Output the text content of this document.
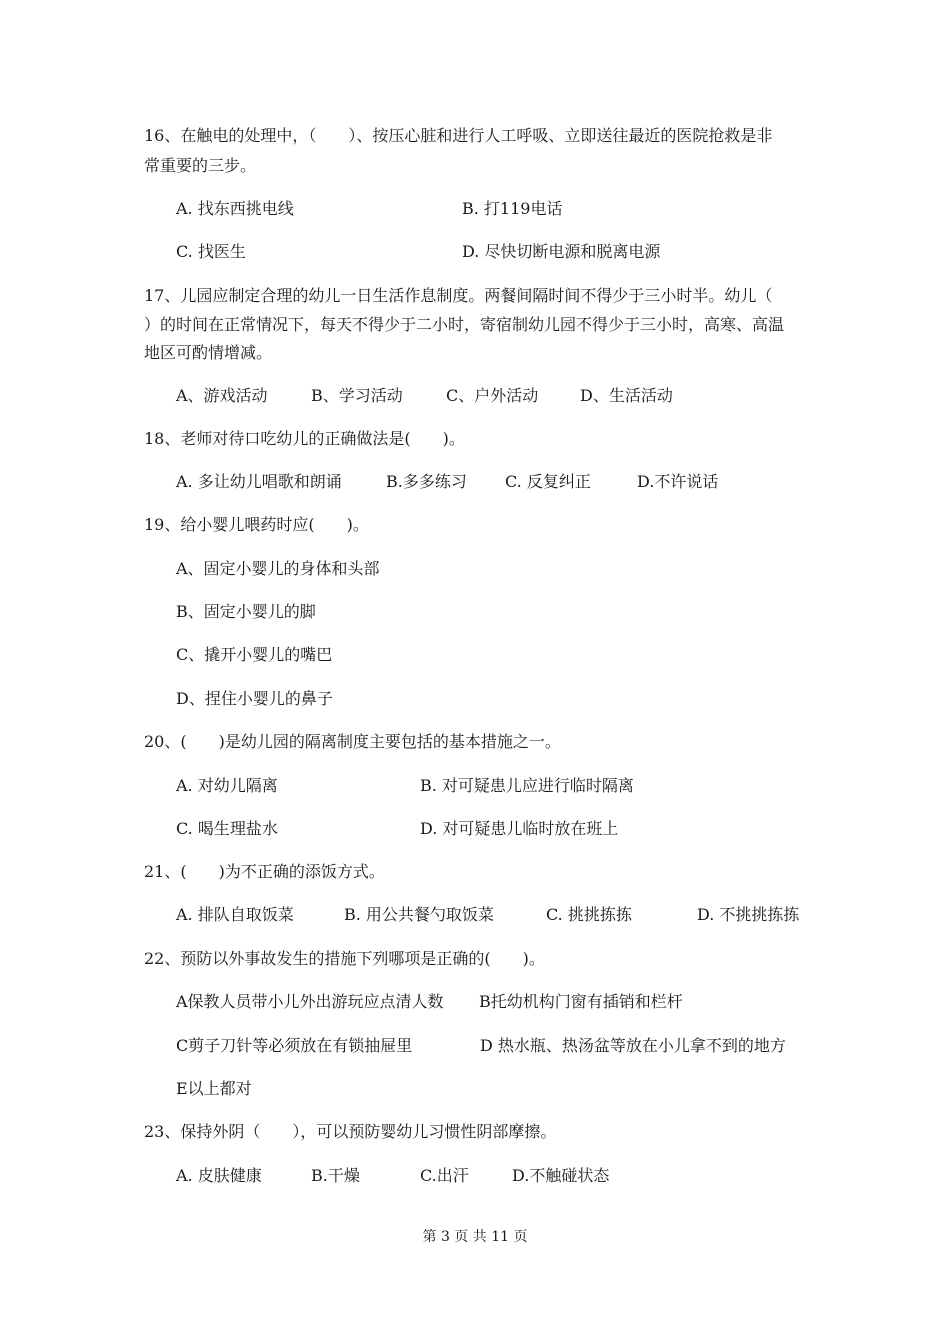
16、在触电的处理中，（　　）、按压心脏和进行人工呼吸、立即送往最近的医院抢救是非
常重要的三步。
A. 找东西挑电线	B. 打119电话
C. 找医生	D. 尽快切断电源和脱离电源
17、儿园应制定合理的幼儿一日生活作息制度。两餐间隔时间不得少于三小时半。幼儿（
）的时间在正常情况下，每天不得少于二小时，寄宿制幼儿园不得少于三小时，高寒、高温
地区可酌情增减。
A、游戏活动	B、学习活动	C、户外活动	D、生活活动
18、老师对待口吃幼儿的正确做法是(　　)。
A. 多让幼儿唱歌和朗诵	B.多多练习 C. 反复纠正	D.不许说话
19、给小婴儿喂药时应(　　)。
A、固定小婴儿的身体和头部
B、固定小婴儿的脚
C、撬开小婴儿的嘴巴
D、捏住小婴儿的鼻子
20、(　　)是幼儿园的隔离制度主要包括的基本措施之一。
A. 对幼儿隔离	B. 对可疑患儿应进行临时隔离
C. 喝生理盐水	D. 对可疑患儿临时放在班上
21、(　　)为不正确的添饭方式。
A. 排队自取饭菜	B. 用公共餐勺取饭菜	C. 挑挑拣拣	D. 不挑挑拣拣
22、预防以外事故发生的措施下列哪项是正确的(　　)。
A保教人员带小儿外出游玩应点清人数 B托幼机构门窗有插销和栏杆
C剪子刀针等必须放在有锁抽屉里	D 热水瓶、热汤盆等放在小儿拿不到的地方
E以上都对
23、保持外阴（　　），可以预防婴幼儿习惯性阴部摩擦。
A. 皮肤健康	B.干燥	C.出汗	D.不触碰状态
第 3 页 共 11 页
